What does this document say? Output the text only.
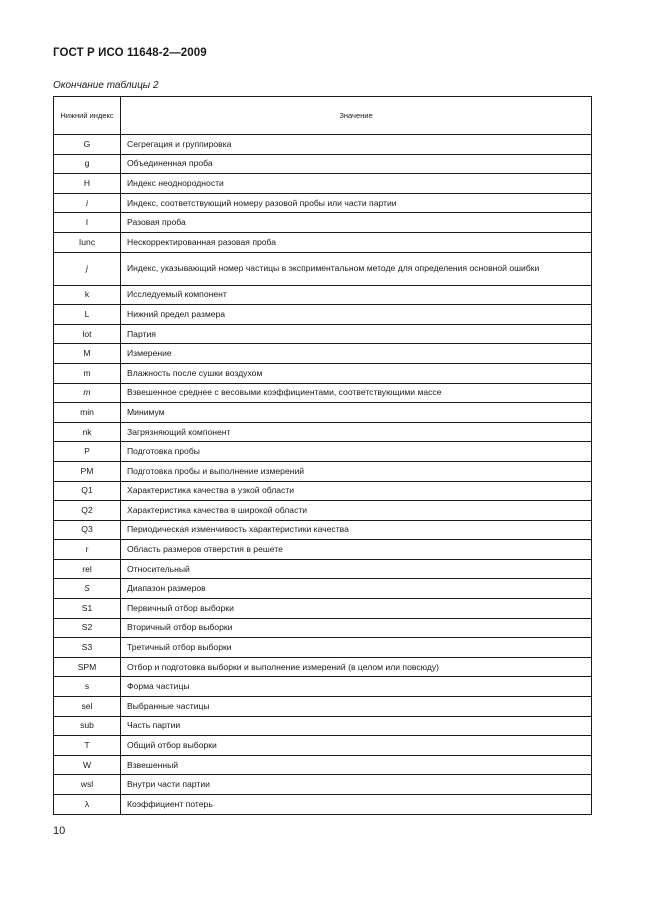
ГОСТ Р ИСО 11648-2—2009
Окончание таблицы 2
Нижний индекс	Значение
G	Сегрегация и группировка
g	Объединенная проба
H	Индекс неоднородности
i	Индекс, соответствующий номеру разовой пробы или части партии
I	Разовая проба
Iunc	Нескорректированная разовая проба
j	Индекс, указывающий номер частицы в эксприментальном методе для определения основной ошибки
k	Исследуемый компонент
L	Нижний предел размера
lot	Партия
M	Измерение
m	Влажность после сушки воздухом
m	Взвешенное среднее с весовыми коэффициентами, соответствующими массе
min	Минимум
nk	Загрязняющий компонент
P	Подготовка пробы
PM	Подготовка пробы и выполнение измерений
Q1	Характеристика качества в узкой области
Q2	Характеристика качества в широкой области
Q3	Периодическая изменчивость характеристики качества
r	Область размеров отверстия в решете
rel	Относительный
S	Диапазон размеров
S1	Первичный отбор выборки
S2	Вторичный отбор выборки
S3	Третичный отбор выборки
SPM	Отбор и подготовка выборки и выполнение измерений (в целом или повсюду)
s	Форма частицы
sel	Выбранные частицы
sub	Часть партии
T	Общий отбор выборки
W	Взвешенный
wsl	Внутри части партии
λ	Коэффициент потерь
10
